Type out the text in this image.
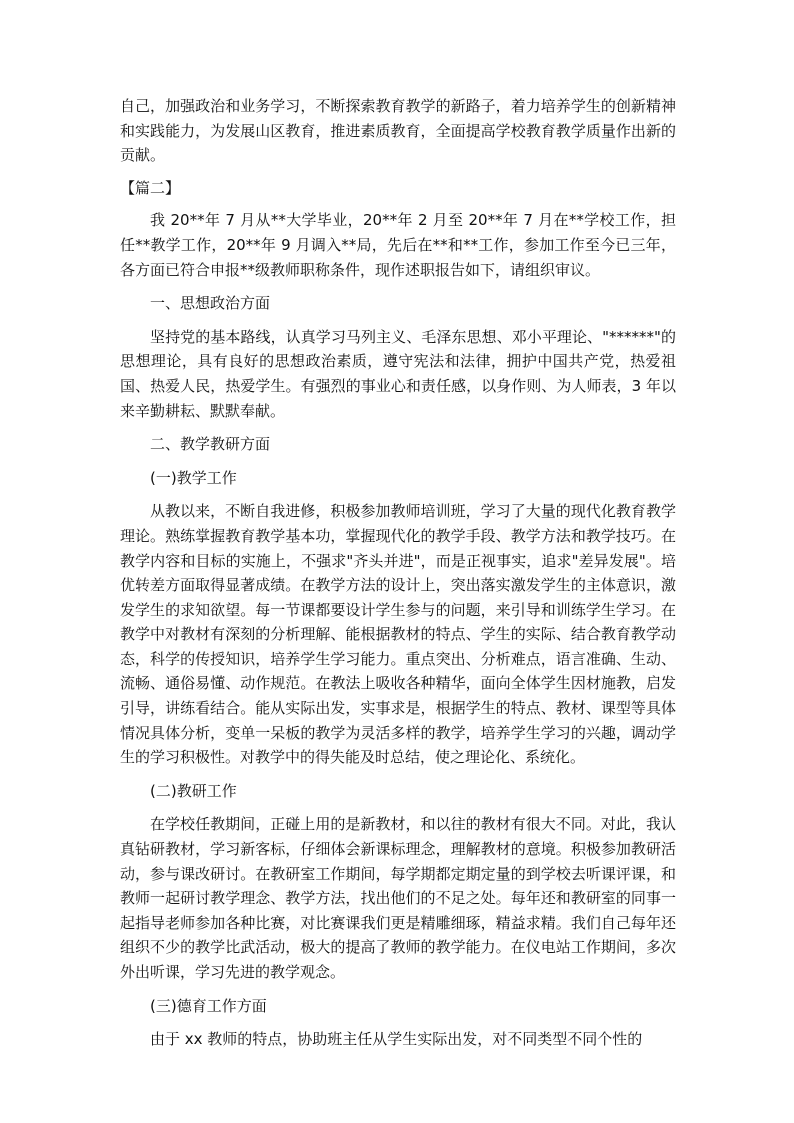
自己，加强政治和业务学习，不断探索教育教学的新路子，着力培养学生的创新精神和实践能力，为发展山区教育，推进素质教育，全面提高学校教育教学质量作出新的贡献。

【篇二】

我 20**年 7 月从**大学毕业，20**年 2 月至 20**年 7 月在**学校工作，担任**教学工作，20**年 9 月调入**局，先后在**和**工作，参加工作至今已三年，各方面已符合申报**级教师职称条件，现作述职报告如下，请组织审议。

一、思想政治方面

坚持党的基本路线，认真学习马列主义、毛泽东思想、邓小平理论、"******"的思想理论，具有良好的思想政治素质，遵守宪法和法律，拥护中国共产党，热爱祖国、热爱人民，热爱学生。有强烈的事业心和责任感，以身作则、为人师表，3 年以来辛勤耕耘、默默奉献。

二、教学教研方面

(一)教学工作

从教以来，不断自我进修，积极参加教师培训班，学习了大量的现代化教育教学理论。熟练掌握教育教学基本功，掌握现代化的教学手段、教学方法和教学技巧。在教学内容和目标的实施上，不强求"齐头并进"，而是正视事实，追求"差异发展"。培优转差方面取得显著成绩。在教学方法的设计上，突出落实激发学生的主体意识，激发学生的求知欲望。每一节课都要设计学生参与的问题，来引导和训练学生学习。在教学中对教材有深刻的分析理解、能根据教材的特点、学生的实际、结合教育教学动态，科学的传授知识，培养学生学习能力。重点突出、分析难点，语言准确、生动、流畅、通俗易懂、动作规范。在教法上吸收各种精华，面向全体学生因材施教，启发引导，讲练看结合。能从实际出发，实事求是，根据学生的特点、教材、课型等具体情况具体分析，变单一呆板的教学为灵活多样的教学，培养学生学习的兴趣，调动学生的学习积极性。对教学中的得失能及时总结，使之理论化、系统化。

(二)教研工作

在学校任教期间，正碰上用的是新教材，和以往的教材有很大不同。对此，我认真钻研教材，学习新客标，仔细体会新课标理念，理解教材的意境。积极参加教研活动，参与课改研讨。在教研室工作期间，每学期都定期定量的到学校去听课评课，和教师一起研讨教学理念、教学方法，找出他们的不足之处。每年还和教研室的同事一起指导老师参加各种比赛，对比赛课我们更是精雕细琢，精益求精。我们自己每年还组织不少的教学比武活动，极大的提高了教师的教学能力。在仪电站工作期间，多次外出听课，学习先进的教学观念。

(三)德育工作方面

由于 xx 教师的特点，协助班主任从学生实际出发，对不同类型不同个性的
